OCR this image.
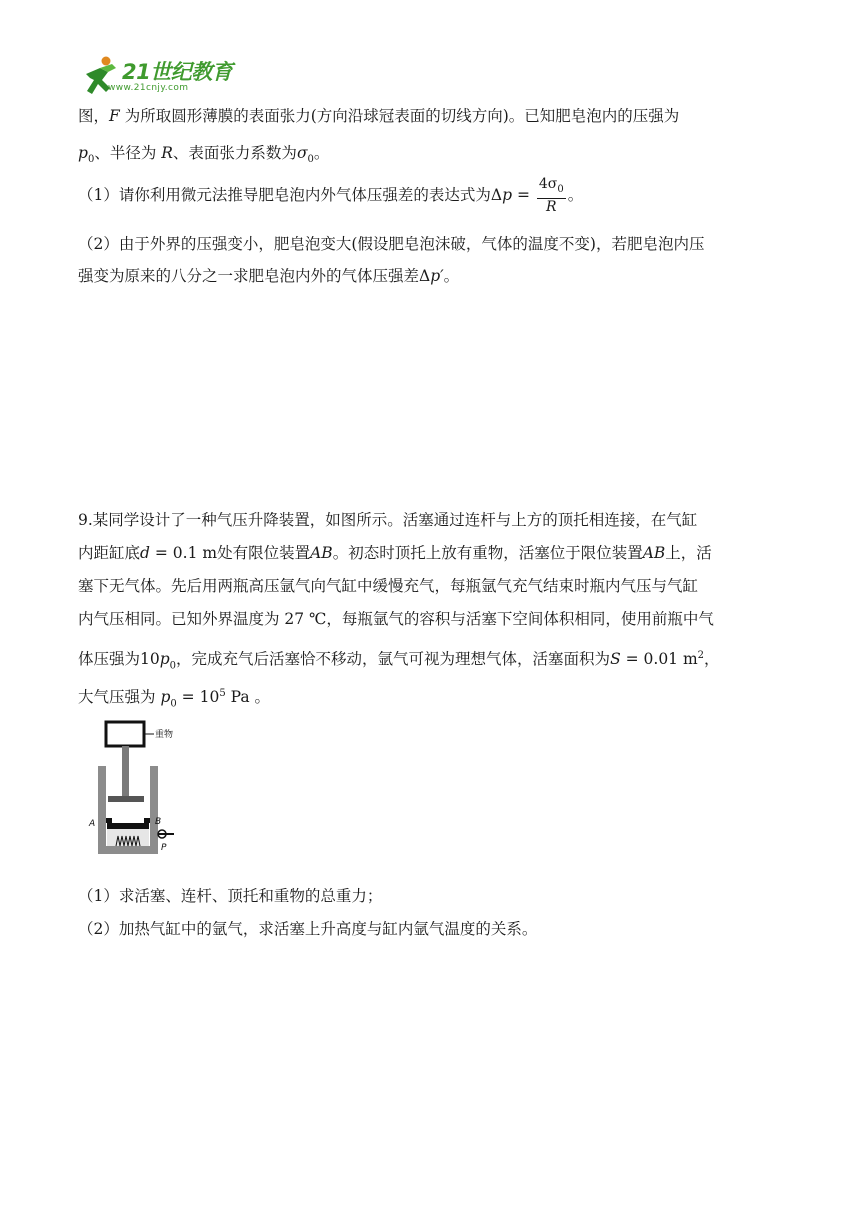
21世纪教育
www.21cnjy.com
图，F 为所取圆形薄膜的表面张力(方向沿球冠表面的切线方向)。已知肥皂泡内的压强为
$p_0$、半径为 R、表面张力系数为$\sigma_0$。
（1）请你利用微元法推导肥皂泡内外气体压强差的表达式为$\Delta p = \frac{4\sigma_0}{R}$ 。
（2）由于外界的压强变小，肥皂泡变大(假设肥皂泡沫破，气体的温度不变)，若肥皂泡内压
强变为原来的八分之一求肥皂泡内外的气体压强差Δp′。
9.某同学设计了一种气压升降装置，如图所示。活塞通过连杆与上方的顶托相连接，在气缸
内距缸底d = 0.1 m处有限位装置AB。初态时顶托上放有重物，活塞位于限位装置AB上，活
塞下无气体。先后用两瓶高压氩气向气缸中缓慢充气，每瓶氩气充气结束时瓶内气压与气缸
内气压相同。已知外界温度为 27 ℃，每瓶氩气的容积与活塞下空间体积相同，使用前瓶中气
体压强为$10p_0$，完成充气后活塞恰不移动，氩气可视为理想气体，活塞面积为S = 0.01 $m^2$，
大气压强为 $p_0 = 10^5$ Pa 。
重物
A	B
P
（1）求活塞、连杆、顶托和重物的总重力；
（2）加热气缸中的氩气，求活塞上升高度与缸内氩气温度的关系。
